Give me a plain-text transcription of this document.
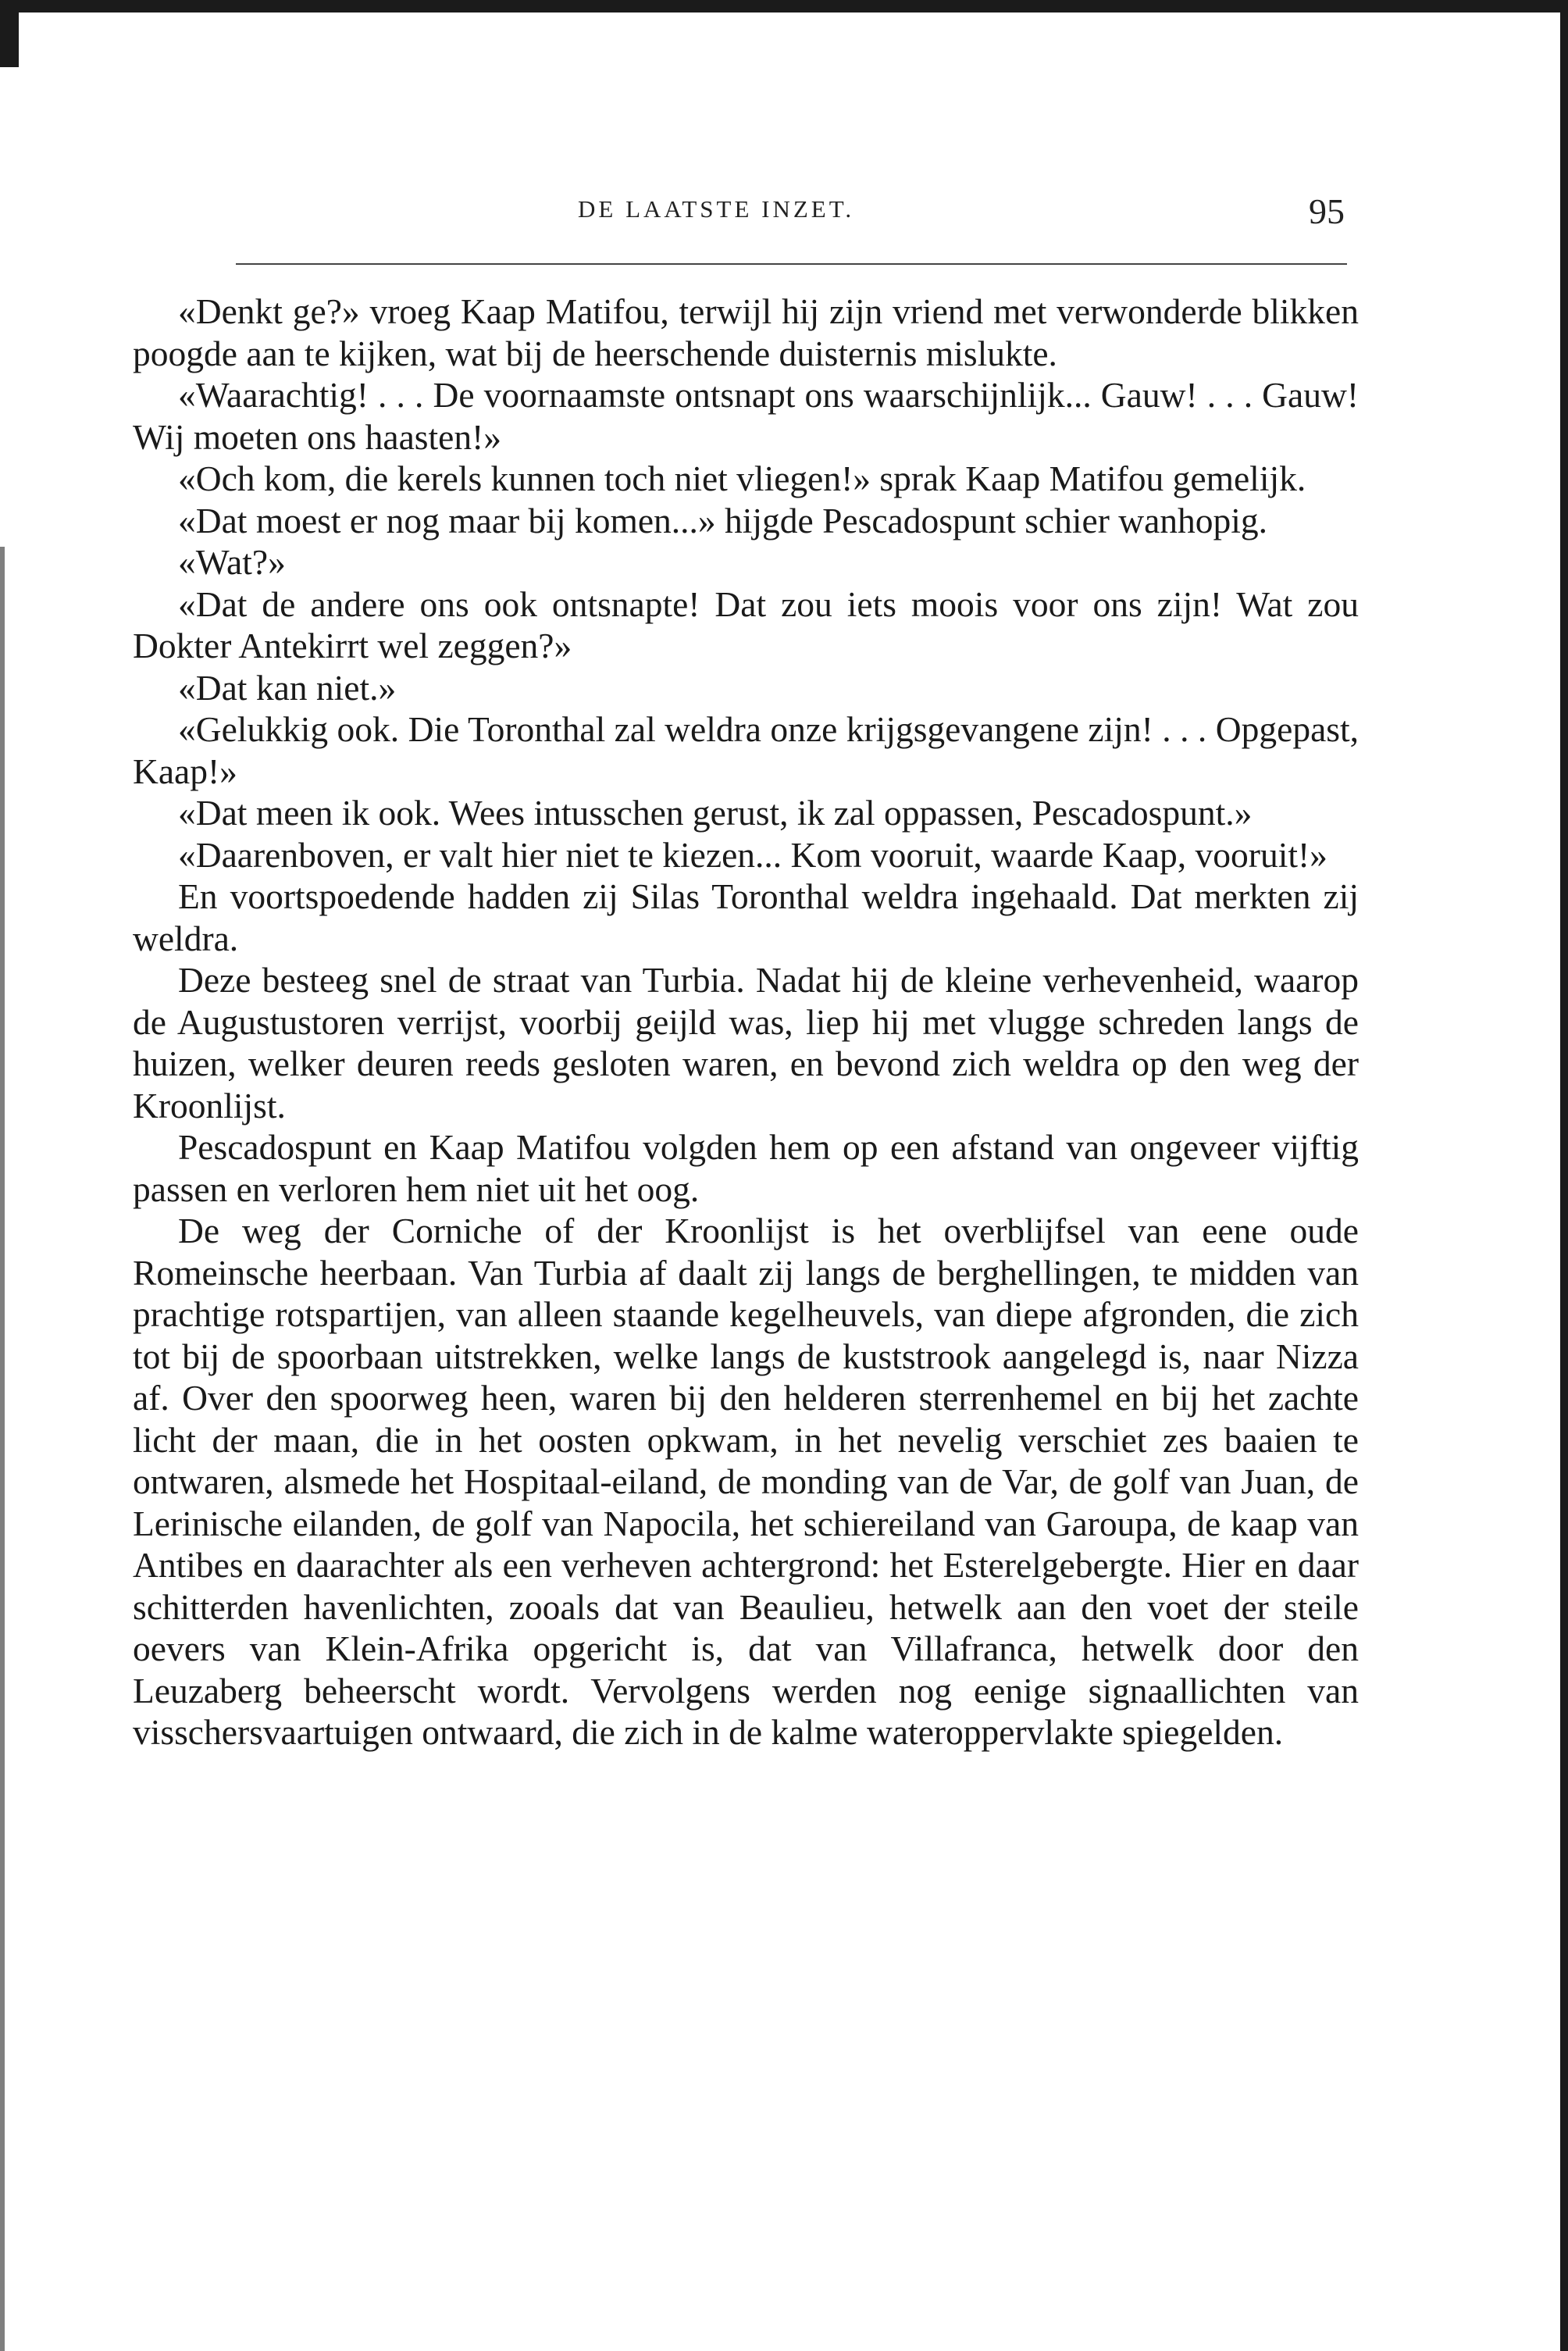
DE LAATSTE INZET.	95

«Denkt ge?» vroeg Kaap Matifou, terwijl hij zijn vriend met verwonderde blikken poogde aan te kijken, wat bij de heerschende duisternis mislukte.

«Waarachtig! . . . De voornaamste ontsnapt ons waarschijnlijk... Gauw! . . . Gauw! Wij moeten ons haasten!»

«Och kom, die kerels kunnen toch niet vliegen!» sprak Kaap Matifou gemelijk.

«Dat moest er nog maar bij komen...» hijgde Pescadospunt schier wanhopig.

«Wat?»

«Dat de andere ons ook ontsnapte! Dat zou iets moois voor ons zijn! Wat zou Dokter Antekirrt wel zeggen?»

«Dat kan niet.»

«Gelukkig ook. Die Toronthal zal weldra onze krijgsgevangene zijn! . . . Opgepast, Kaap!»

«Dat meen ik ook. Wees intusschen gerust, ik zal oppassen, Pescadospunt.»

«Daarenboven, er valt hier niet te kiezen... Kom vooruit, waarde Kaap, vooruit!»

En voortspoedende hadden zij Silas Toronthal weldra ingehaald. Dat merkten zij weldra.

Deze besteeg snel de straat van Turbia. Nadat hij de kleine verhevenheid, waarop de Augustustoren verrijst, voorbij geijld was, liep hij met vlugge schreden langs de huizen, welker deuren reeds gesloten waren, en bevond zich weldra op den weg der Kroonlijst.

Pescadospunt en Kaap Matifou volgden hem op een afstand van ongeveer vijftig passen en verloren hem niet uit het oog.

De weg der Corniche of der Kroonlijst is het overblijfsel van eene oude Romeinsche heerbaan. Van Turbia af daalt zij langs de berghellingen, te midden van prachtige rotspartijen, van alleen staande kegelheuvels, van diepe afgronden, die zich tot bij de spoorbaan uitstrekken, welke langs de kuststrook aangelegd is, naar Nizza af. Over den spoorweg heen, waren bij den helderen sterrenhemel en bij het zachte licht der maan, die in het oosten opkwam, in het nevelig verschiet zes baaien te ontwaren, alsmede het Hospitaal-eiland, de monding van de Var, de golf van Juan, de Lerinische eilanden, de golf van Napocila, het schiereiland van Garoupa, de kaap van Antibes en daarachter als een verheven achtergrond: het Esterelgebergte. Hier en daar schitterden havenlichten, zooals dat van Beaulieu, hetwelk aan den voet der steile oevers van Klein-Afrika opgericht is, dat van Villafranca, hetwelk door den Leuzaberg beheerscht wordt. Vervolgens werden nog eenige signaallichten van visschersvaartuigen ontwaard, die zich in de kalme wateroppervlakte spiegelden.
